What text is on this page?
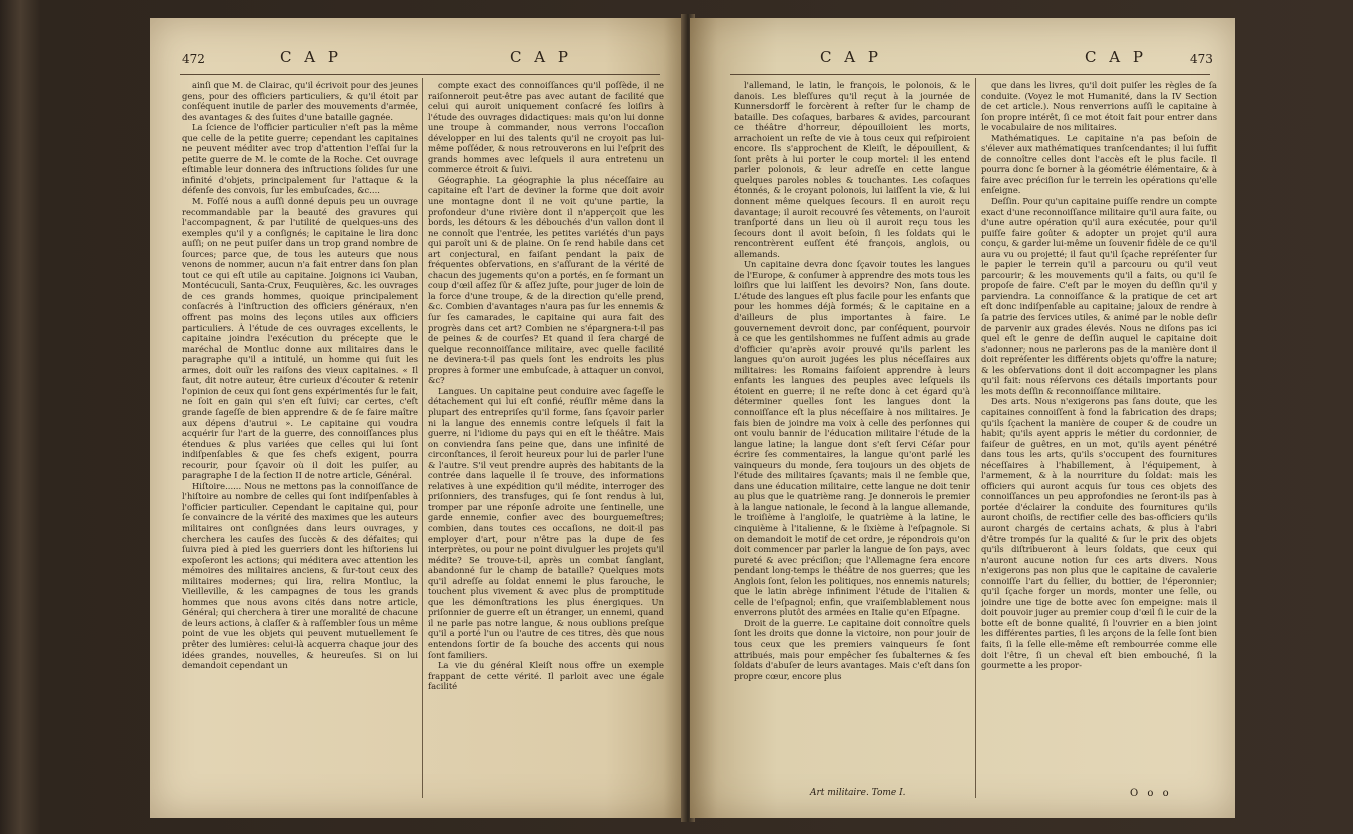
472	C A P	C A P

ainſi que M. de Clairac, qu'il écrivoit pour des jeunes gens, pour des officiers particuliers, & qu'il étoit par conſéquent inutile de parler des mouvements d'armée, des avantages & des ſuites d'une bataille gagnée.

La ſcience de l'officier particulier n'eſt pas la même que celle de la petite guerre; cependant les capitaines ne peuvent méditer avec trop d'attention l'eſſai ſur la petite guerre de M. le comte de la Roche. Cet ouvrage eſtimable leur donnera des inſtructions ſolides ſur une infinité d'objets, principalement ſur l'attaque & la défenſe des convois, ſur les embuſcades, &c....

M. Foſſé nous a auſſi donné depuis peu un ouvrage recommandable par la beauté des gravures qui l'accompagnent, & par l'utilité de quelques-uns des exemples qu'il y a conſignés; le capitaine le lira donc auſſi; on ne peut puiſer dans un trop grand nombre de ſources; parce que, de tous les auteurs que nous venons de nommer, aucun n'a fait entrer dans ſon plan tout ce qui eſt utile au capitaine. Joignons ici Vauban, Montécuculi, Santa-Crux, Feuquières, &c. les ouvrages de ces grands hommes, quoique principalement conſacrés à l'inſtruction des officiers généraux, n'en offrent pas moins des leçons utiles aux officiers particuliers. À l'étude de ces ouvrages excellents, le capitaine joindra l'exécution du précepte que le maréchal de Montluc donne aux militaires dans le paragraphe qu'il a intitulé, un homme qui ſuit les armes, doit ouïr les raiſons des vieux capitaines. « Il faut, dit notre auteur, être curieux d'écouter & retenir l'opinion de ceux qui ſont gens expérimentés ſur le fait, ne ſoit en gain qui s'en eſt ſuivi; car certes, c'eſt grande ſageſſe de bien apprendre & de ſe faire maître aux dépens d'autrui ». Le capitaine qui voudra acquérir ſur l'art de la guerre, des connoiſſances plus étendues & plus variées que celles qui lui ſont indiſpenſables & que ſes chefs exigent, pourra recourir, pour ſçavoir où il doit les puiſer, au paragraphe I de la ſection II de notre article, Général.

Hiſtoire...... Nous ne mettons pas la connoiſſance de l'hiſtoire au nombre de celles qui ſont indiſpenſables à l'officier particulier. Cependant le capitaine qui, pour ſe convaincre de la vérité des maximes que les auteurs militaires ont conſignées dans leurs ouvrages, y cherchera les cauſes des ſuccès & des défaites; qui ſuivra pied à pied les guerriers dont les hiſtoriens lui expoſeront les actions; qui méditera avec attention les mémoires des militaires anciens, & ſur-tout ceux des militaires modernes; qui lira, relira Montluc, la Vieilleville, & les campagnes de tous les grands hommes que nous avons cités dans notre article, Général; qui cherchera à tirer une moralité de chacune de leurs actions, à claſſer & à raſſembler ſous un même point de vue les objets qui peuvent mutuellement ſe prêter des lumières: celui-là acquerra chaque jour des idées grandes, nouvelles, & heureuſes. Si on lui demandoit cependant un

compte exact des connoiſſances qu'il poſſède, il ne raiſonneroit peut-être pas avec autant de facilité que celui qui auroit uniquement conſacré ſes loiſirs à l'étude des ouvrages didactiques: mais qu'on lui donne une troupe à commander, nous verrons l'occaſion développer en lui des talents qu'il ne croyoit pas lui-même poſſéder, & nous retrouverons en lui l'eſprit des grands hommes avec leſquels il aura entretenu un commerce étroit & ſuivi.

Géographie. La géographie la plus néceſſaire au capitaine eſt l'art de deviner la forme que doit avoir une montagne dont il ne voit qu'une partie, la profondeur d'une rivière dont il n'apperçoit que les bords, les détours & les débouchés d'un vallon dont il ne connoît que l'entrée, les petites variétés d'un pays qui paroît uni & de plaine. On ſe rend habile dans cet art conjectural, en faiſant pendant la paix de fréquentes obſervations, en s'aſſurant de la vérité de chacun des jugements qu'on a portés, en ſe formant un coup d'œil aſſez ſûr & aſſez juſte, pour juger de loin de la force d'une troupe, & de la direction qu'elle prend, &c. Combien d'avantages n'aura pas ſur les ennemis & ſur ſes camarades, le capitaine qui aura fait des progrès dans cet art? Combien ne s'épargnera-t-il pas de peines & de courſes? Et quand il ſera chargé de quelque reconnoiſſance militaire, avec quelle facilité ne devinera-t-il pas quels ſont les endroits les plus propres à former une embuſcade, à attaquer un convoi, &c?

Langues. Un capitaine peut conduire avec ſageſſe le détachement qui lui eſt confié, réuſſir même dans la plupart des entrepriſes qu'il forme, ſans ſçavoir parler ni la langue des ennemis contre leſquels il fait la guerre, ni l'idiome du pays qui en eſt le théâtre. Mais on conviendra ſans peine que, dans une infinité de circonſtances, il ſeroit heureux pour lui de parler l'une & l'autre. S'il veut prendre auprès des habitants de la contrée dans laquelle il ſe trouve, des informations relatives à une expédition qu'il médite, interroger des priſonniers, des transfuges, qui ſe ſont rendus à lui, tromper par une réponſe adroite une ſentinelle, une garde ennemie, confier avec des bourguemeſtres; combien, dans toutes ces occaſions, ne doit-il pas employer d'art, pour n'être pas la dupe de ſes interprètes, ou pour ne point divulguer les projets qu'il médite? Se trouve-t-il, après un combat ſanglant, abandonné ſur le champ de bataille? Quelques mots qu'il adreſſe au ſoldat ennemi le plus farouche, le touchent plus vivement & avec plus de promptitude que les démonſtrations les plus énergiques. Un priſonnier de guerre eſt un étranger, un ennemi, quand il ne parle pas notre langue, & nous oublions preſque qu'il a porté l'un ou l'autre de ces titres, dès que nous entendons ſortir de ſa bouche des accents qui nous ſont familiers.

La vie du général Kleiſt nous offre un exemple frappant de cette vérité. Il parloit avec une égale facilité

C A P	C A P	473

l'allemand, le latin, le françois, le polonois, & le danois. Les bleſſures qu'il reçut à la journée de Kunnersdorff le forcèrent à reſter ſur le champ de bataille. Des coſaques, barbares & avides, parcourant ce théâtre d'horreur, dépouilloient les morts, arrachoient un reſte de vie à tous ceux qui reſpiroient encore. Ils s'approchent de Kleiſt, le dépouillent, & ſont prêts à lui porter le coup mortel: il les entend parler polonois, & leur adreſſe en cette langue quelques paroles nobles & touchantes. Les coſaques étonnés, & le croyant polonois, lui laiſſent la vie, & lui donnent même quelques ſecours. Il en auroit reçu davantage; il auroit recouvré ſes vêtements, on l'auroit tranſporté dans un lieu où il auroit reçu tous les ſecours dont il avoit beſoin, ſi les ſoldats qui le rencontrèrent euſſent été françois, anglois, ou allemands.

Un capitaine devra donc ſçavoir toutes les langues de l'Europe, & conſumer à apprendre des mots tous les loiſirs que lui laiſſent les devoirs? Non, ſans doute. L'étude des langues eſt plus facile pour les enfants que pour les hommes déjà formés; & le capitaine en a d'ailleurs de plus importantes à faire. Le gouvernement devroit donc, par conſéquent, pourvoir à ce que les gentilshommes ne fuſſent admis au grade d'officier qu'après avoir prouvé qu'ils parlent les langues qu'on auroit jugées les plus néceſſaires aux militaires: les Romains faiſoient apprendre à leurs enfants les langues des peuples avec leſquels ils étoient en guerre; il ne reſte donc à cet égard qu'à déterminer quelles ſont les langues dont la connoiſſance eſt la plus néceſſaire à nos militaires. Je fais bien de joindre ma voix à celle des perſonnes qui ont voulu bannir de l'éducation militaire l'étude de la langue latine; la langue dont s'eſt ſervi Céſar pour écrire ſes commentaires, la langue qu'ont parlé les vainqueurs du monde, ſera toujours un des objets de l'étude des militaires ſçavants; mais il ne ſemble que, dans une éducation militaire, cette langue ne doit tenir au plus que le quatrième rang. Je donnerois le premier à la langue nationale, le ſecond à la langue allemande, le troiſième à l'angloiſe, le quatrième à la latine, le cinquième à l'italienne, & le ſixième à l'eſpagnole. Si on demandoit le motif de cet ordre, je répondrois qu'on doit commencer par parler la langue de ſon pays, avec pureté & avec préciſion; que l'Allemagne ſera encore pendant long-temps le théâtre de nos guerres; que les Anglois ſont, ſelon les politiques, nos ennemis naturels; que le latin abrège infiniment l'étude de l'italien & celle de l'eſpagnol; enfin, que vraiſemblablement nous enverrons plutôt des armées en Italie qu'en Eſpagne.

Droit de la guerre. Le capitaine doit connoître quels ſont les droits que donne la victoire, non pour jouir de tous ceux que les premiers vainqueurs ſe ſont attribués, mais pour empêcher ſes ſubalternes & ſes ſoldats d'abuſer de leurs avantages. Mais c'eſt dans ſon propre cœur, encore plus

que dans les livres, qu'il doit puiſer les règles de ſa conduite. (Voyez le mot Humanité, dans la IV Section de cet article.). Nous renverrions auſſi le capitaine à ſon propre intérêt, ſi ce mot étoit fait pour entrer dans le vocabulaire de nos militaires.

Mathématiques. Le capitaine n'a pas beſoin de s'élever aux mathématiques tranſcendantes; il lui ſuffit de connoître celles dont l'accès eſt le plus facile. Il pourra donc ſe borner à la géométrie élémentaire, & à faire avec préciſion ſur le terrein les opérations qu'elle enſeigne.

Deſſin. Pour qu'un capitaine puiſſe rendre un compte exact d'une reconnoiſſance militaire qu'il aura faite, ou d'une autre opération qu'il aura exécutée, pour qu'il puiſſe faire goûter & adopter un projet qu'il aura conçu, & garder lui-même un ſouvenir fidèle de ce qu'il aura vu ou projetté; il faut qu'il ſçache repréſenter ſur le papier le terrein qu'il a parcouru ou qu'il veut parcourir; & les mouvements qu'il a faits, ou qu'il ſe propoſe de faire. C'eſt par le moyen du deſſin qu'il y parviendra. La connoiſſance & la pratique de cet art eſt donc indiſpenſable au capitaine; jaloux de rendre à ſa patrie des ſervices utiles, & animé par le noble deſir de parvenir aux grades élevés. Nous ne diſons pas ici quel eſt le genre de deſſin auquel le capitaine doit s'adonner; nous ne parlerons pas de la manière dont il doit repréſenter les différents objets qu'offre la nature; & les obſervations dont il doit accompagner les plans qu'il fait: nous réſervons ces détails importants pour les mots deſſin & reconnoiſſance militaire.

Des arts. Nous n'exigerons pas ſans doute, que les capitaines connoiſſent à fond la fabrication des draps; qu'ils ſçachent la manière de couper & de coudre un habit; qu'ils ayent appris le métier du cordonnier, de faiſeur de guêtres, en un mot, qu'ils ayent pénétré dans tous les arts, qu'ils s'occupent des fournitures néceſſaires à l'habillement, à l'équipement, à l'armement, & à la nourriture du ſoldat: mais les officiers qui auront acquis ſur tous ces objets des connoiſſances un peu approfondies ne ſeront-ils pas à portée d'éclairer la conduite des fournitures qu'ils auront choiſis, de rectifier celle des bas-officiers qu'ils auront chargés de certains achats, & plus à l'abri d'être trompés ſur la qualité & ſur le prix des objets qu'ils diſtribueront à leurs ſoldats, que ceux qui n'auront aucune notion ſur ces arts divers. Nous n'exigerons pas non plus que le capitaine de cavalerie connoiſſe l'art du ſellier, du bottier, de l'éperonnier; qu'il ſçache forger un mords, monter une ſelle, ou joindre une tige de botte avec ſon empeigne: mais il doit pouvoir juger au premier coup d'œil ſi le cuir de la botte eſt de bonne qualité, ſi l'ouvrier en a bien joint les différentes parties, ſi les arçons de la ſelle ſont bien faits, ſi la ſelle elle-même eſt rembourrée comme elle doit l'être, ſi un cheval eſt bien embouché, ſi la gourmette a les propor-

Art militaire. Tome I.	O o o
